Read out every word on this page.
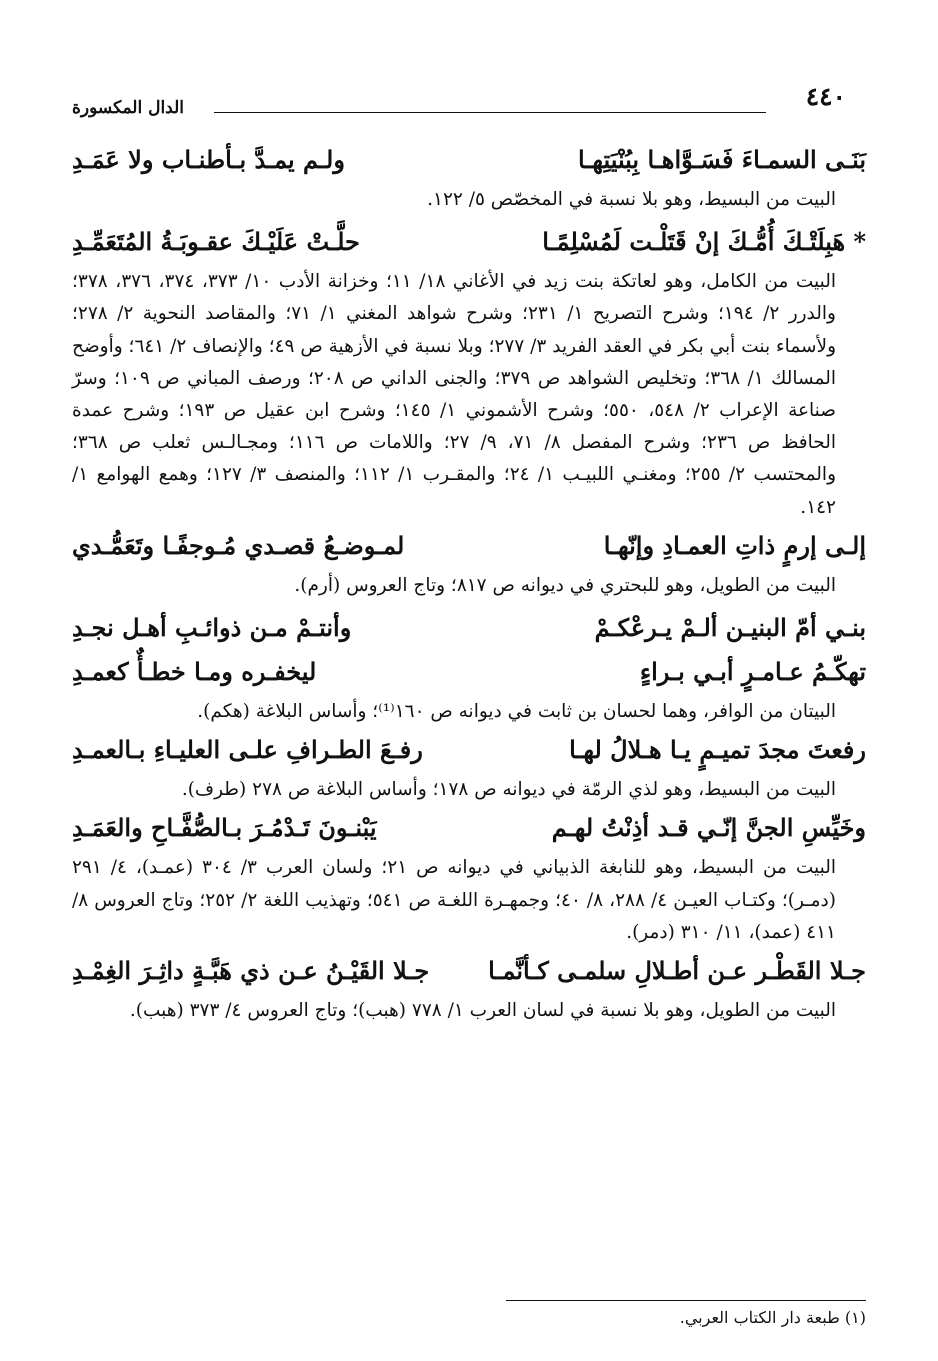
٤٤٠
الدال المكسورة
بَنَـى السمـاءَ فَسَـوَّاهـا بِبُنْيَتِهـا
ولـم يمـدَّ بـأطنـاب ولا عَمَـدِ
البيت من البسيط، وهو بلا نسبة في المخصّص ٥/ ١٢٢.
* هَبِلَتْـكَ أُمُّـكَ إنْ قَتَلْـت لَمُسْلِمًـا
حلَّـتْ عَلَيْـكَ عقـوبَـةُ المُتَعَمِّـدِ
البيت من الكامل، وهو لعاتكة بنت زيد في الأغاني ١٨/ ١١؛ وخزانة الأدب ١٠/ ٣٧٣، ٣٧٤، ٣٧٦، ٣٧٨؛ والدرر ٢/ ١٩٤؛ وشرح التصريح ١/ ٢٣١؛ وشرح شواهد المغني ١/ ٧١؛ والمقاصد النحوية ٢/ ٢٧٨؛ ولأسماء بنت أبي بكر في العقد الفريد ٣/ ٢٧٧؛ وبلا نسبة في الأزهية ص ٤٩؛ والإنصاف ٢/ ٦٤١؛ وأوضح المسالك ١/ ٣٦٨؛ وتخليص الشواهد ص ٣٧٩؛ والجنى الداني ص ٢٠٨؛ ورصف المباني ص ١٠٩؛ وسرّ صناعة الإعراب ٢/ ٥٤٨، ٥٥٠؛ وشرح الأشموني ١/ ١٤٥؛ وشرح ابن عقيل ص ١٩٣؛ وشرح عمدة الحافظ ص ٢٣٦؛ وشرح المفصل ٨/ ٧١، ٩/ ٢٧؛ واللامات ص ١١٦؛ ومجـالـس ثعلب ص ٣٦٨؛ والمحتسب ٢/ ٢٥٥؛ ومغنـي اللبيـب ١/ ٢٤؛ والمقـرب ١/ ١١٢؛ والمنصف ٣/ ١٢٧؛ وهمع الهوامع ١/ ١٤٢.
إلـى إرمٍ ذاتِ العمـادِ وإنّهـا
لمـوضـعُ قصـدي مُـوجفًـا وتَعَمُّـدي
البيت من الطويل، وهو للبحتري في ديوانه ص ٨١٧؛ وتاج العروس (أرم).
بنـي أمّ البنيـن ألـمْ يـرعْكـمْ
وأنتـمْ مـن ذوائـبِ أهـل نجـدِ
تهكّـمُ عـامـرٍ أبـي بـراءٍ
ليخفـره ومـا خطـأٌ كعمـدِ
البيتان من الوافر، وهما لحسان بن ثابت في ديوانه ص ١٦٠⁽¹⁾؛ وأساس البلاغة (هكم).
رفعتَ مجدَ تميـمٍ يـا هـلالُ لهـا
رفـعَ الطـرافِ علـى العليـاءِ بـالعمـدِ
البيت من البسيط، وهو لذي الرمّة في ديوانه ص ١٧٨؛ وأساس البلاغة ص ٢٧٨ (طرف).
وخَيِّسِ الجنَّ إنّـي قـد أذِنْتُ لهـم
يَبْنـونَ تَـدْمُـرَ بـالصُّفَّـاحِ والعَمَـدِ
البيت من البسيط، وهو للنابغة الذبياني في ديوانه ص ٢١؛ ولسان العرب ٣/ ٣٠٤ (عمـد)، ٤/ ٢٩١ (دمـر)؛ وكتـاب العيـن ٤/ ٢٨٨، ٨/ ٤٠؛ وجمهـرة اللغـة ص ٥٤١؛ وتهذيب اللغة ٢/ ٢٥٢؛ وتاج العروس ٨/ ٤١١ (عمد)، ١١/ ٣١٠ (دمر).
جـلا القَطْـر عـن أطـلالِ سلمـى كـأنَّمـا
جـلا القَيْـنُ عـن ذي هَبَّـةٍ داثِـرَ الغِمْـدِ
البيت من الطويل، وهو بلا نسبة في لسان العرب ١/ ٧٧٨ (هبب)؛ وتاج العروس ٤/ ٣٧٣ (هبب).
(١) طبعة دار الكتاب العربي.
